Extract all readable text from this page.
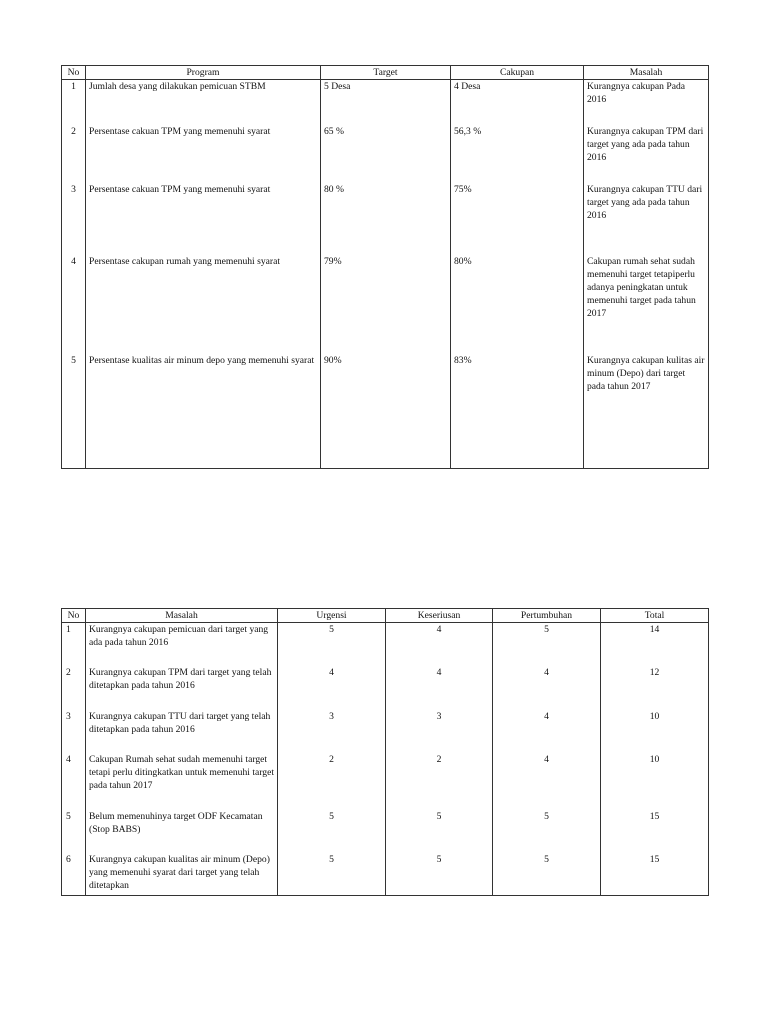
No	Program	Target	Cakupan	Masalah
1	Jumlah desa yang dilakukan pemicuan STBM	5 Desa	4 Desa	Kurangnya cakupan Pada 2016
2	Persentase cakuan TPM yang memenuhi syarat	65 %	56,3 %	Kurangnya cakupan TPM dari target yang ada pada tahun 2016
3	Persentase cakuan TPM yang memenuhi syarat	80 %	75%	Kurangnya cakupan TTU dari target yang ada pada tahun 2016
4	Persentase cakupan rumah yang memenuhi syarat	79%	80%	Cakupan rumah sehat sudah memenuhi target tetapiperlu adanya peningkatan untuk memenuhi target pada tahun 2017
5	Persentase kualitas air minum depo yang memenuhi syarat	90%	83%	Kurangnya cakupan kulitas air minum (Depo) dari target pada tahun 2017
No	Masalah	Urgensi	Keseriusan	Pertumbuhan	Total
1	Kurangnya cakupan pemicuan dari target yang ada pada tahun 2016	5	4	5	14
2	Kurangnya cakupan TPM dari target yang telah ditetapkan pada tahun 2016	4	4	4	12
3	Kurangnya cakupan TTU dari target yang telah ditetapkan pada tahun 2016	3	3	4	10
4	Cakupan Rumah sehat sudah memenuhi target tetapi perlu ditingkatkan untuk memenuhi target pada tahun 2017	2	2	4	10
5	Belum memenuhinya target ODF Kecamatan (Stop BABS)	5	5	5	15
6	Kurangnya cakupan kualitas air minum (Depo) yang memenuhi syarat dari target yang telah ditetapkan	5	5	5	15
